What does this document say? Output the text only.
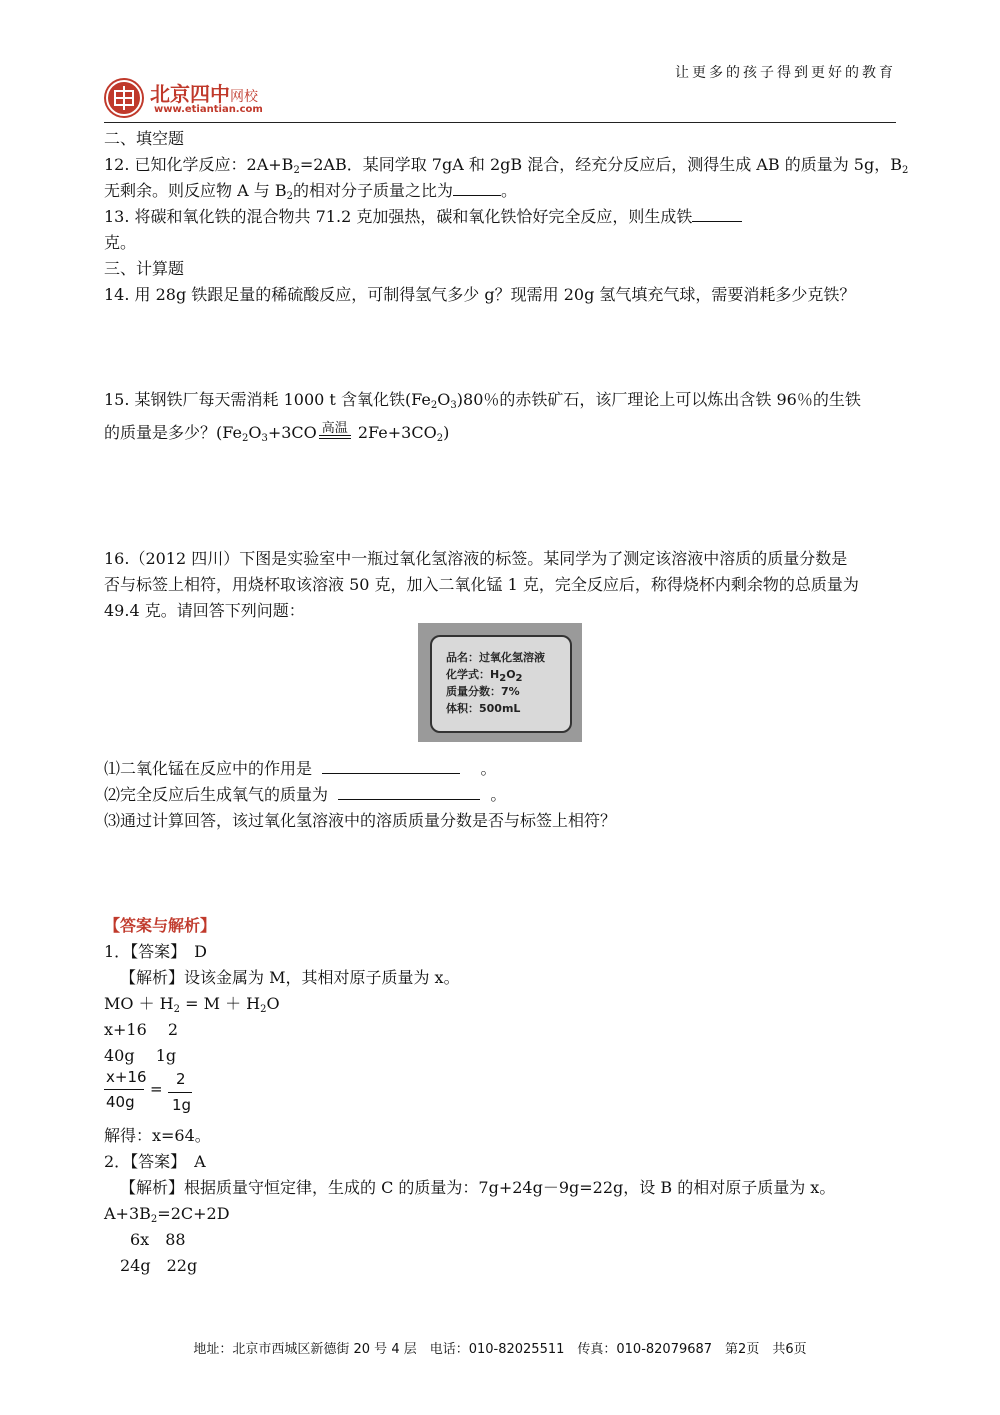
让更多的孩子得到更好的教育
北京四中网校
www.etiantian.com
二、填空题
12. 已知化学反应：$2A+B_2=2AB$．某同学取 7gA 和 2gB 混合，经充分反应后，测得生成 AB 的质量为 5g，$B_2$
无剩余。则反应物 A 与 $B_2$的相对分子质量之比为	。
13. 将碳和氧化铁的混合物共 71.2 克加强热，碳和氧化铁恰好完全反应，则生成铁
克。
三、计算题
14. 用 28g 铁跟足量的稀硫酸反应，可制得氢气多少 g？现需用 20g 氢气填充气球，需要消耗多少克铁？
15. 某钢铁厂每天需消耗 1000 t 含氧化铁$(Fe_2O_3)80$％的赤铁矿石，该厂理论上可以炼出含铁 96％的生铁
的质量是多少？($Fe_2O_3+3CO$ 高温 $2Fe+3CO_2$)
16.（2012 四川）下图是实验室中一瓶过氧化氢溶液的标签。某同学为了测定该溶液中溶质的质量分数是
否与标签上相符，用烧杯取该溶液 50 克，加入二氧化锰 1 克，完全反应后，称得烧杯内剩余物的总质量为
49.4 克。请回答下列问题：
品名：过氧化氢溶液
化学式：$H_2O_2$
质量分数：7%
体积：500mL
⑴二氧化锰在反应中的作用是	。
⑵完全反应后生成氧气的质量为	。
⑶通过计算回答，该过氧化氢溶液中的溶质质量分数是否与标签上相符？
【答案与解析】
1．【答案】　D
【解析】设该金属为 M，其相对原子质量为 x。
MO ＋ $H_2 = M + H_2O$
x+16　 2
40g　 1g
x+16
40g
=
2
1g
解得：x=64。
2．【答案】　A
【解析】根据质量守恒定律，生成的 C 的质量为：7g+24g－9g=22g，设 B 的相对原子质量为 x。
$A+3B_2=2C+2D$
6x　88
24g　22g
地址：北京市西城区新德街 20 号 4 层　电话：010-82025511　传真：010-82079687　第2页　共6页
